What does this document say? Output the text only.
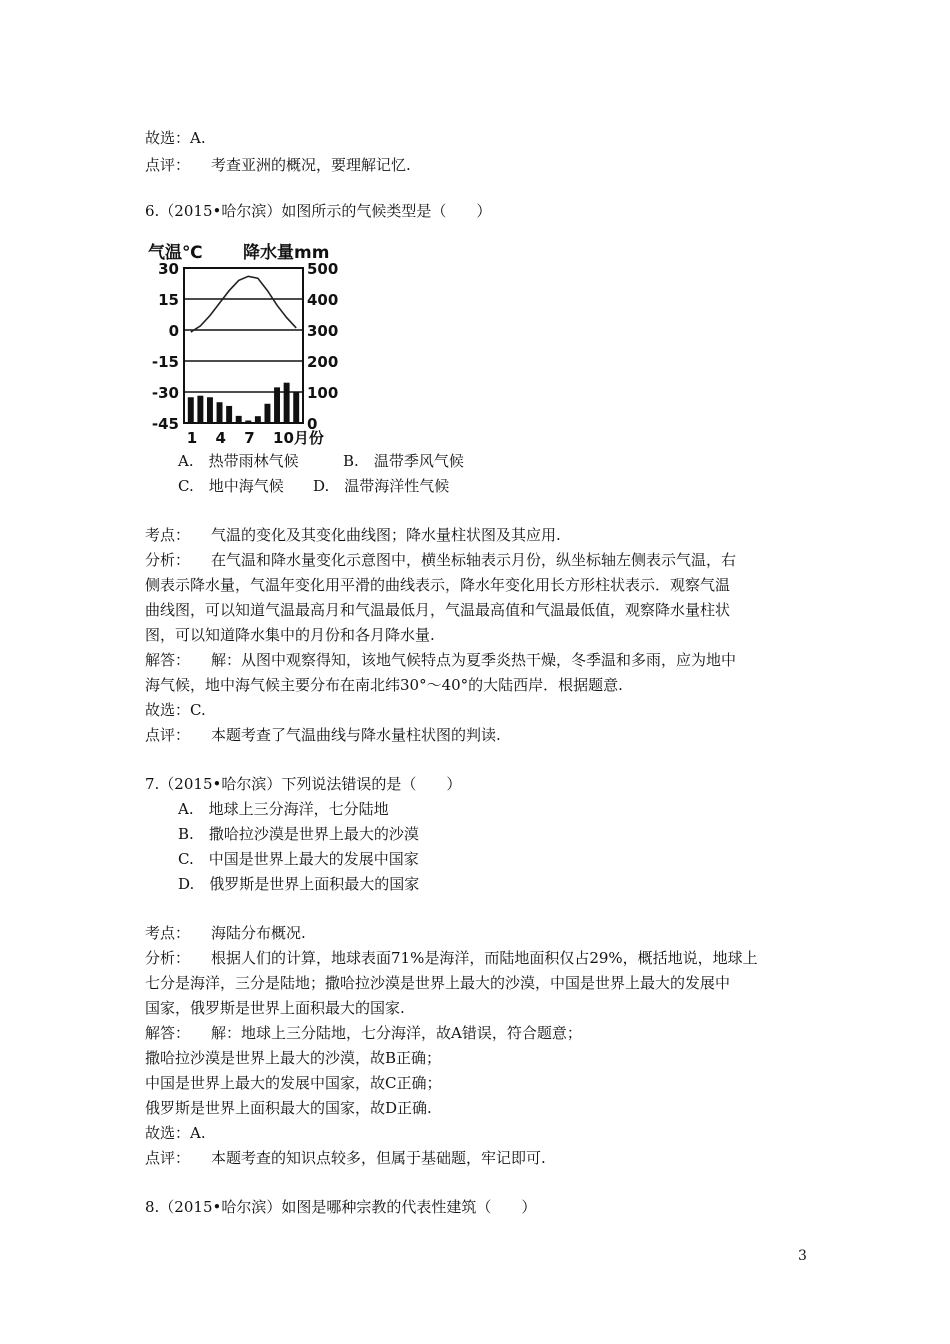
故选：A.
点评： 考查亚洲的概况，要理解记忆.
6.（2015•哈尔滨）如图所示的气候类型是（　　）
气温℃ 降水量mm
30
15
0
-15
-30
-45
500
400
300
200
100
0
1 4 7 10月份
A.　 热带雨林气候	B.　 温带季风气候
C.　 地中海气候 D.　 温带海洋性气候
考点： 气温的变化及其变化曲线图；降水量柱状图及其应用.
分析： 在气温和降水量变化示意图中，横坐标轴表示月份，纵坐标轴左侧表示气温，右
侧表示降水量，气温年变化用平滑的曲线表示，降水年变化用长方形柱状表示．观察气温
曲线图，可以知道气温最高月和气温最低月，气温最高值和气温最低值，观察降水量柱状
图，可以知道降水集中的月份和各月降水量.
解答： 解：从图中观察得知，该地气候特点为夏季炎热干燥，冬季温和多雨，应为地中
海气候，地中海气候主要分布在南北纬30°～40°的大陆西岸．根据题意.
故选：C.
点评： 本题考查了气温曲线与降水量柱状图的判读.
7.（2015•哈尔滨）下列说法错误的是（　　）
A.　 地球上三分海洋，七分陆地
B.　 撒哈拉沙漠是世界上最大的沙漠
C.　 中国是世界上最大的发展中国家
D.　 俄罗斯是世界上面积最大的国家
考点： 海陆分布概况.
分析： 根据人们的计算，地球表面71%是海洋，而陆地面积仅占29%，概括地说，地球上
七分是海洋，三分是陆地；撒哈拉沙漠是世界上最大的沙漠，中国是世界上最大的发展中
国家，俄罗斯是世界上面积最大的国家.
解答： 解：地球上三分陆地，七分海洋，故A错误，符合题意；
撒哈拉沙漠是世界上最大的沙漠，故B正确；
中国是世界上最大的发展中国家，故C正确；
俄罗斯是世界上面积最大的国家，故D正确.
故选：A.
点评： 本题考查的知识点较多，但属于基础题，牢记即可.
8.（2015•哈尔滨）如图是哪种宗教的代表性建筑（　　）
3
